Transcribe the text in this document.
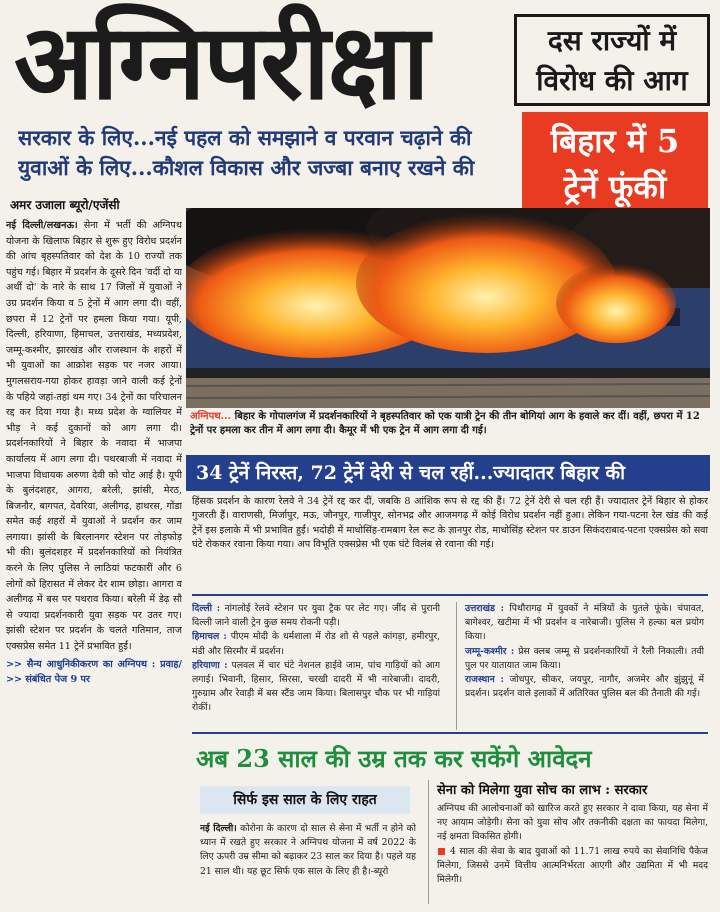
अग्निपरीक्षा
सरकार के लिए...नई पहल को समझाने व परवान चढ़ाने की
युवाओं के लिए...कौशल विकास और जज्बा बनाए रखने की
अमर उजाला ब्यूरो/एजेंसी
दस राज्यों में
विरोध की आग
बिहार में 5
ट्रेनें फूंकीं
नई दिल्ली/लखनऊ। सेना में भर्ती की अग्निपथ योजना के खिलाफ बिहार से शुरू हुए विरोध प्रदर्शन की आंच बृहस्पतिवार को देश के 10 राज्यों तक पहुंच गई। बिहार में प्रदर्शन के दूसरे दिन 'वर्दी दो या अर्थी दो' के नारे के साथ 17 जिलों में युवाओं ने उग्र प्रदर्शन किया व 5 ट्रेनों में आग लगा दी। वहीं, छपरा में 12 ट्रेनों पर हमला किया गया। यूपी, दिल्ली, हरियाणा, हिमाचल, उत्तराखंड, मध्यप्रदेश, जम्मू-कश्मीर, झारखंड और राजस्थान के शहरों में भी युवाओं का आक्रोश सड़क पर नजर आया। मुगलसराय-गया होकर हावड़ा जाने वाली कई ट्रेनों के पहिये जहां-तहां थम गए। 34 ट्रेनों का परिचालन रद्द कर दिया गया है। मध्य प्रदेश के ग्वालियर में भीड़ ने कई दुकानों को आग लगा दी। प्रदर्शनकारियों ने बिहार के नवादा में भाजपा कार्यालय में आग लगा दी। पथरबाजी में नवादा में भाजपा विधायक अरुणा देवी को चोट आई है। यूपी के बुलंदशहर, आगरा, बरेली, झांसी, मेरठ, बिजनौर, बागपत, देवरिया, अलीगढ़, हाथरस, गोंडा समेत कई शहरों में युवाओं ने प्रदर्शन कर जाम लगाया। झांसी के बिरलानगर स्टेशन पर तोड़फोड़ भी की। बुलंदशहर में प्रदर्शनकारियों को नियंत्रित करने के लिए पुलिस ने लाठियां फटकारीं और 6 लोगों को हिरासत में लेकर देर शाम छोड़ा। आगरा व अलीगढ़ में बस पर पथराव किया। बरेली में डेढ़ सौ से ज्यादा प्रदर्शनकारी युवा सड़क पर उतर गए। झांसी स्टेशन पर प्रदर्शन के चलते गतिमान, ताज एक्सप्रेस समेत 11 ट्रेनें प्रभावित हुईं।
>> सैन्य आधुनिकीकरण का अग्निपथ : प्रवाह/ >> संबंधित पेज 9 पर
अग्निपथ... बिहार के गोपालगंज में प्रदर्शनकारियों ने बृहस्पतिवार को एक यात्री ट्रेन की तीन बोगियां आग के हवाले कर दीं। वहीं, छपरा में 12 ट्रेनों पर हमला कर तीन में आग लगा दी। कैमूर में भी एक ट्रेन में आग लगा दी गई।
34 ट्रेनें निरस्त, 72 ट्रेनें देरी से चल रहीं...ज्यादातर बिहार की
हिंसक प्रदर्शन के कारण रेलवे ने 34 ट्रेनें रद्द कर दीं, जबकि 8 आंशिक रूप से रद्द की हैं। 72 ट्रेनें देरी से चल रही हैं। ज्यादातर ट्रेनें बिहार से होकर गुजरती हैं। वाराणसी, मिर्जापुर, मऊ, जौनपुर, गाजीपुर, सोनभद्र और आजमगढ़ में कोई विरोध प्रदर्शन नहीं हुआ। लेकिन गया-पटना रेल खंड की कई ट्रेनें इस इलाके में भी प्रभावित हुईं। भदोही में माधोसिंह-रामबाग रेल रूट के ज्ञानपुर रोड, माधोसिंह स्टेशन पर डाउन सिकंदराबाद-पटना एक्सप्रेस को सवा घंटे रोककर रवाना किया गया। अप विभूति एक्सप्रेस भी एक घंटे विलंब से रवाना की गई।
दिल्ली : नांगलोई रेलवे स्टेशन पर युवा ट्रैक पर लेट गए। जींद से पुरानी दिल्ली जाने वाली ट्रेन कुछ समय रोकनी पड़ी।
हिमाचल : पीएम मोदी के धर्मशाला में रोड शो से पहले कांगड़ा, हमीरपुर, मंडी और सिरमौर में प्रदर्शन।
हरियाणा : पलवल में चार घंटे नेशनल हाईवे जाम, पांच गाड़ियों को आग लगाई। भिवानी, हिसार, सिरसा, चरखी दादरी में भी नारेबाजी। दादरी, गुरुग्राम और रेवाड़ी में बस स्टैंड जाम किया। बिलासपुर चौक पर भी गाड़ियां रोकीं।
उत्तराखंड : पिथौरागढ़ में युवकों ने मंत्रियों के पुतले फूंके। चंपावत, बागेश्वर, खटीमा में भी प्रदर्शन व नारेबाजी। पुलिस ने हल्का बल प्रयोग किया।
जम्मू-कश्मीर : प्रेस क्लब जम्मू से प्रदर्शनकारियों ने रैली निकाली। तवी पुल पर यातायात जाम किया।
राजस्थान : जोधपुर, सीकर, जयपुर, नागौर, अजमेर और झुंझुनूं में प्रदर्शन। प्रदर्शन वाले इलाकों में अतिरिक्त पुलिस बल की तैनाती की गई।
अब 23 साल की उम्र तक कर सकेंगे आवेदन
सिर्फ इस साल के लिए राहत
नई दिल्ली। कोरोना के कारण दो साल से सेना में भर्ती न होने को ध्यान में रखते हुए सरकार ने अग्निपथ योजना में वर्ष 2022 के लिए ऊपरी उम्र सीमा को बढ़ाकर 23 साल कर दिया है। पहले यह 21 साल थी। यह छूट सिर्फ एक साल के लिए ही है।-ब्यूरो
सेना को मिलेगा युवा सोच का लाभ : सरकार
अग्निपथ की आलोचनाओं को खारिज करते हुए सरकार ने दावा किया, यह सेना में नए आयाम जोड़ेगी। सेना को युवा सोच और तकनीकी दक्षता का फायदा मिलेगा, नई क्षमता विकसित होगी।
■ 4 साल की सेवा के बाद युवाओं को 11.71 लाख रुपये का सेवानिधि पैकेज मिलेगा, जिससे उनमें वित्तीय आत्मनिर्भरता आएगी और उद्यमिता में भी मदद मिलेगी।
